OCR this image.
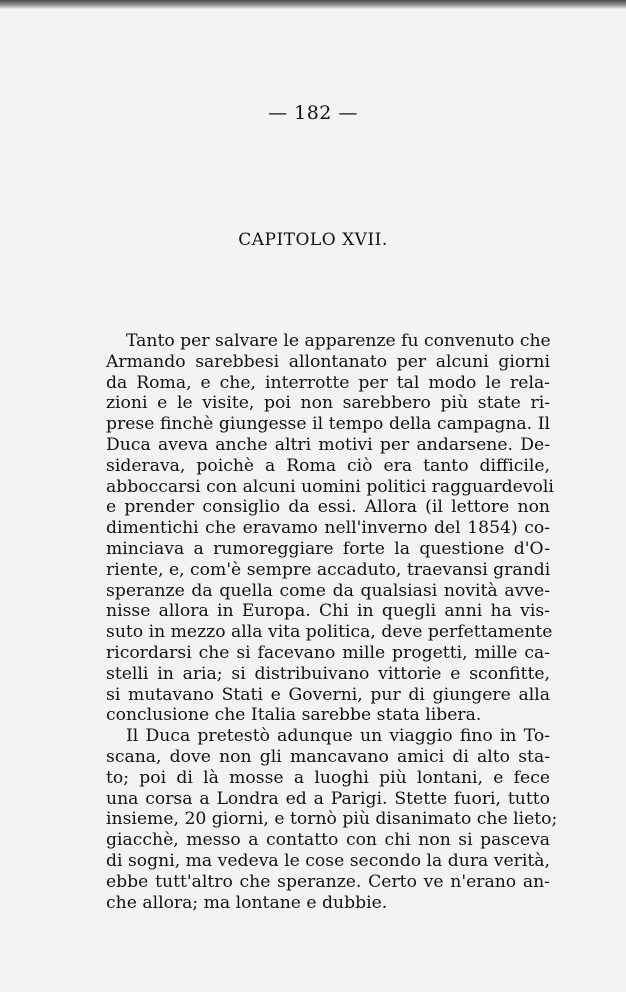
— 182 —
CAPITOLO XVII.
Tanto per salvare le apparenze fu convenuto che
Armando sarebbesi allontanato per alcuni giorni
da Roma, e che, interrotte per tal modo le rela-
zioni e le visite, poi non sarebbero più state ri-
prese finchè giungesse il tempo della campagna. Il
Duca aveva anche altri motivi per andarsene. De-
siderava, poichè a Roma ciò era tanto difficile,
abboccarsi con alcuni uomini politici ragguardevoli
e prender consiglio da essi. Allora (il lettore non
dimentichi che eravamo nell'inverno del 1854) co-
minciava a rumoreggiare forte la questione d'O-
riente, e, com'è sempre accaduto, traevansi grandi
speranze da quella come da qualsiasi novità avve-
nisse allora in Europa. Chi in quegli anni ha vis-
suto in mezzo alla vita politica, deve perfettamente
ricordarsi che si facevano mille progetti, mille ca-
stelli in aria; si distribuivano vittorie e sconfitte,
si mutavano Stati e Governi, pur di giungere alla
conclusione che Italia sarebbe stata libera.
Il Duca pretestò adunque un viaggio fino in To-
scana, dove non gli mancavano amici di alto sta-
to; poi di là mosse a luoghi più lontani, e fece
una corsa a Londra ed a Parigi. Stette fuori, tutto
insieme, 20 giorni, e tornò più disanimato che lieto;
giacchè, messo a contatto con chi non si pasceva
di sogni, ma vedeva le cose secondo la dura verità,
ebbe tutt'altro che speranze. Certo ve n'erano an-
che allora; ma lontane e dubbie.
